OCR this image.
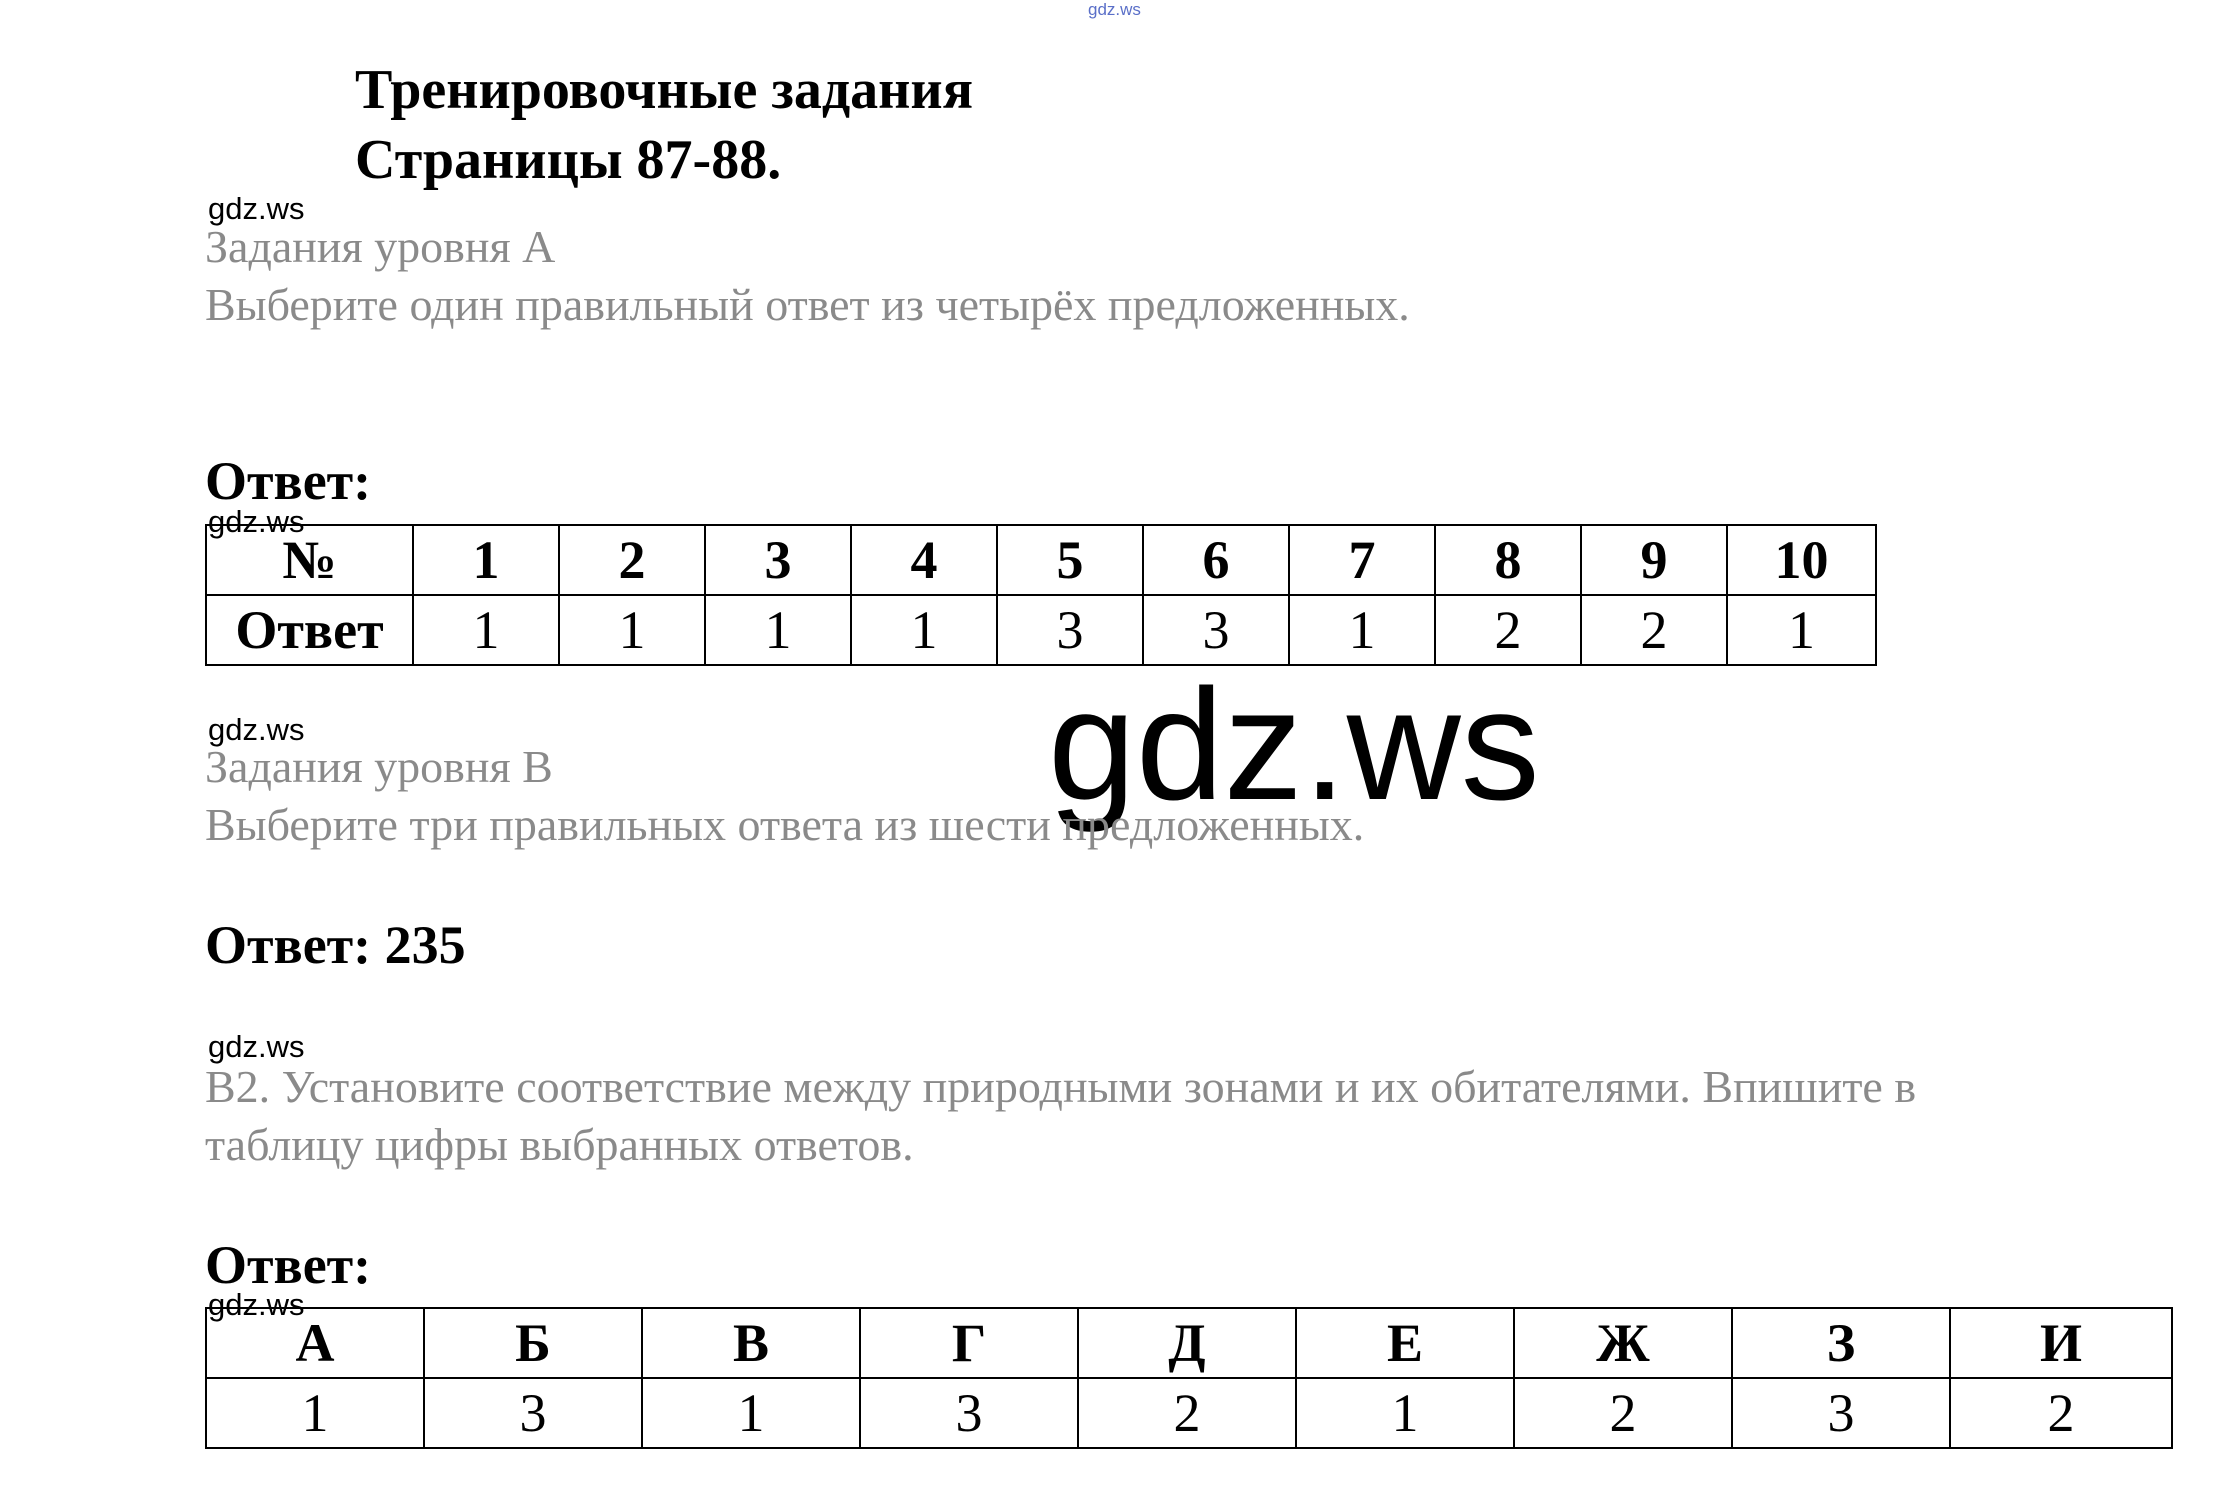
gdz.ws
Тренировочные задания
Страницы 87-88.
gdz.ws
Задания уровня А
Выберите один правильный ответ из четырёх предложенных.
Ответ:
gdz.ws
№	1	2	3	4	5	6	7	8	9	10
Ответ	1	1	1	1	3	3	1	2	2	1
gdz.ws
gdz.ws
Задания уровня В
Выберите три правильных ответа из шести предложенных.
Ответ: 235
gdz.ws
В2. Установите соответствие между природными зонами и их обитателями. Впишите в
таблицу цифры выбранных ответов.
Ответ:
gdz.ws
А	Б	В	Г	Д	Е	Ж	З	И
1	3	1	3	2	1	2	3	2
